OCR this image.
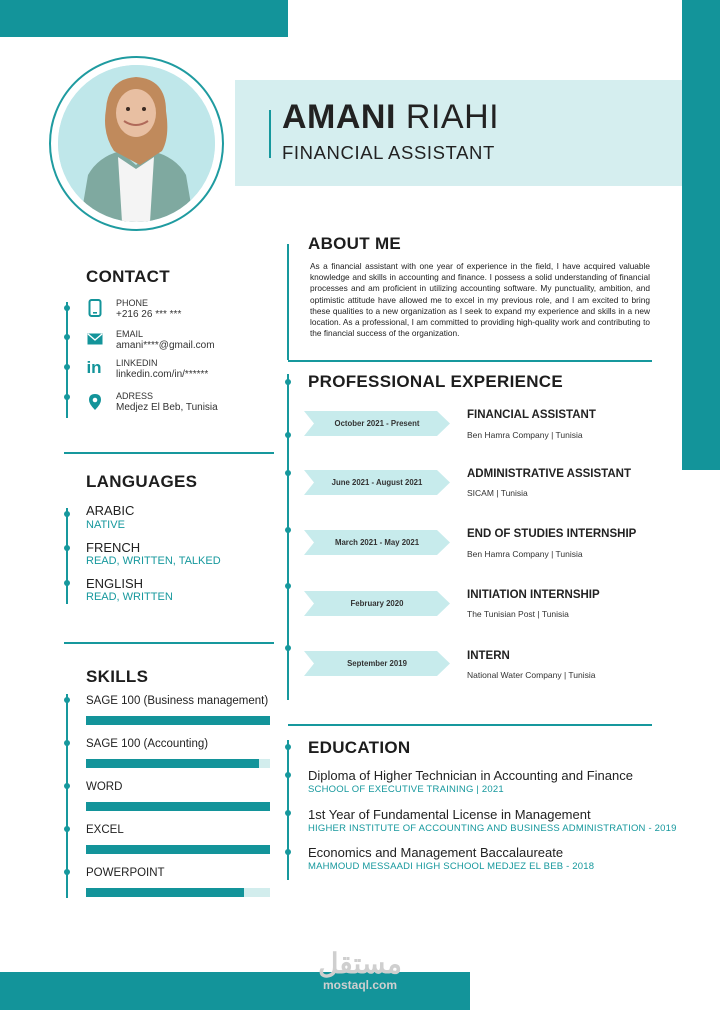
AMANI RIAHI
FINANCIAL ASSISTANT
CONTACT
PHONE
+216 26 *** ***
EMAIL
amani****@gmail.com
in LINKEDIN
linkedin.com/in/******
ADRESS
Medjez El Beb, Tunisia
LANGUAGES
ARABIC
NATIVE
FRENCH
READ, WRITTEN, TALKED
ENGLISH
READ, WRITTEN
SKILLS
SAGE 100 (Business management)
SAGE 100 (Accounting)
WORD
EXCEL
POWERPOINT
ABOUT ME
As a financial assistant with one year of experience in the field, I have acquired valuable knowledge and skills in accounting and finance. I possess a solid understanding of financial processes and am proficient in utilizing accounting software. My punctuality, ambition, and optimistic attitude have allowed me to excel in my previous role, and I am excited to bring these qualities to a new organization as I seek to expand my experience and skills in a new location. As a professional, I am committed to providing high-quality work and contributing to the financial success of the organization.
PROFESSIONAL EXPERIENCE
October 2021 - Present
FINANCIAL ASSISTANT
Ben Hamra Company | Tunisia
June 2021 - August 2021
ADMINISTRATIVE ASSISTANT
SICAM | Tunisia
March 2021 - May 2021
END OF STUDIES INTERNSHIP
Ben Hamra Company | Tunisia
February 2020
INITIATION INTERNSHIP
The Tunisian Post | Tunisia
September 2019
INTERN
National Water Company | Tunisia
EDUCATION
Diploma of Higher Technician in Accounting and Finance
SCHOOL OF EXECUTIVE TRAINING | 2021
1st Year of Fundamental License in Management
HIGHER INSTITUTE OF ACCOUNTING AND BUSINESS ADMINISTRATION - 2019
Economics and Management Baccalaureate
MAHMOUD MESSAADI HIGH SCHOOL MEDJEZ EL BEB - 2018
مستقل
mostaql.com
